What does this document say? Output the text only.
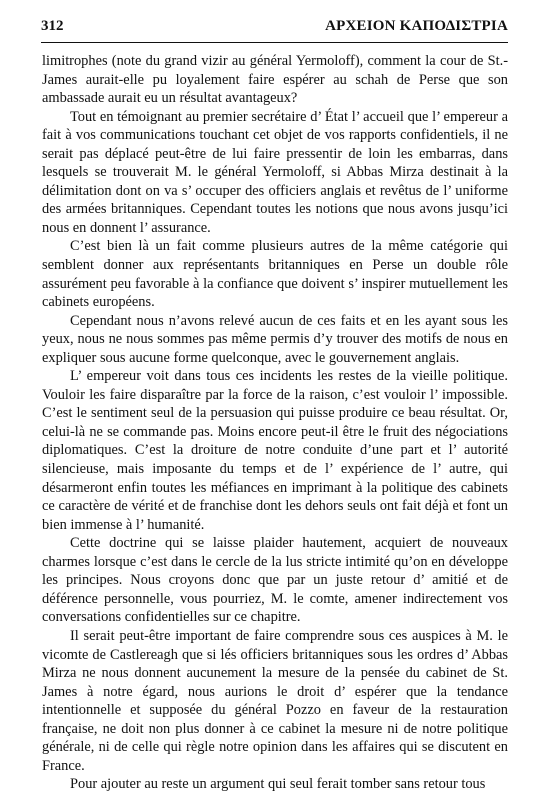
312	ΑΡΧΕΙΟΝ ΚΑΠΟΔΙΣΤΡΙΑ

limitrophes (note du grand vizir au général Yermoloff), comment la cour de St.-James aurait-elle pu loyalement faire espérer au schah de Perse que son ambassade aurait eu un résultat avantageux?

Tout en témoignant au premier secrétaire d’ État l’ accueil que l’ empereur a fait à vos communications touchant cet objet de vos rapports confidentiels, il ne serait pas déplacé peut-être de lui faire pressentir de loin les embarras, dans lesquels se trouverait M. le général Yermoloff, si Abbas Mirza destinait à la délimitation dont on va s’ occuper des officiers anglais et revêtus de l’ uniforme des armées britanniques. Cependant toutes les notions que nous avons jusqu’ici nous en donnent l’ assurance.

C’est bien là un fait comme plusieurs autres de la même catégorie qui semblent donner aux représentants britanniques en Perse un double rôle assurément peu favorable à la confiance que doivent s’ inspirer mutuellement les cabinets européens.

Cependant nous n’avons relevé aucun de ces faits et en les ayant sous les yeux, nous ne nous sommes pas même permis d’y trouver des motifs de nous en expliquer sous aucune forme quelconque, avec le gouvernement anglais.

L’ empereur voit dans tous ces incidents les restes de la vieille politique. Vouloir les faire disparaître par la force de la raison, c’est vouloir l’ impossible. C’est le sentiment seul de la persuasion qui puisse produire ce beau résultat. Or, celui-là ne se commande pas. Moins encore peut-il être le fruit des négociations diplomatiques. C’est la droiture de notre conduite d’une part et l’ autorité silencieuse, mais imposante du temps et de l’ expérience de l’ autre, qui désarmeront enfin toutes les méfiances en imprimant à la politique des cabinets ce caractère de vérité et de franchise dont les dehors seuls ont fait déjà et font un bien immense à l’ humanité.

Cette doctrine qui se laisse plaider hautement, acquiert de nouveaux charmes lorsque c’est dans le cercle de la lus stricte intimité qu’on en développe les principes. Nous croyons donc que par un juste retour d’ amitié et de déférence personnelle, vous pourriez, M. le comte, amener indirectement vos conversations confidentielles sur ce chapitre.

Il serait peut-être important de faire comprendre sous ces auspices à M. le vicomte de Castlereagh que si lés officiers britanniques sous les ordres d’ Abbas Mirza ne nous donnent aucunement la mesure de la pensée du cabinet de St. James à notre égard, nous aurions le droit d’ espérer que la tendance intentionnelle et supposée du général Pozzo en faveur de la restauration française, ne doit non plus donner à ce cabinet la mesure ni de notre politique générale, ni de celle qui règle notre opinion dans les affaires qui se discutent en France.

Pour ajouter au reste un argument qui seul ferait tomber sans retour tous
